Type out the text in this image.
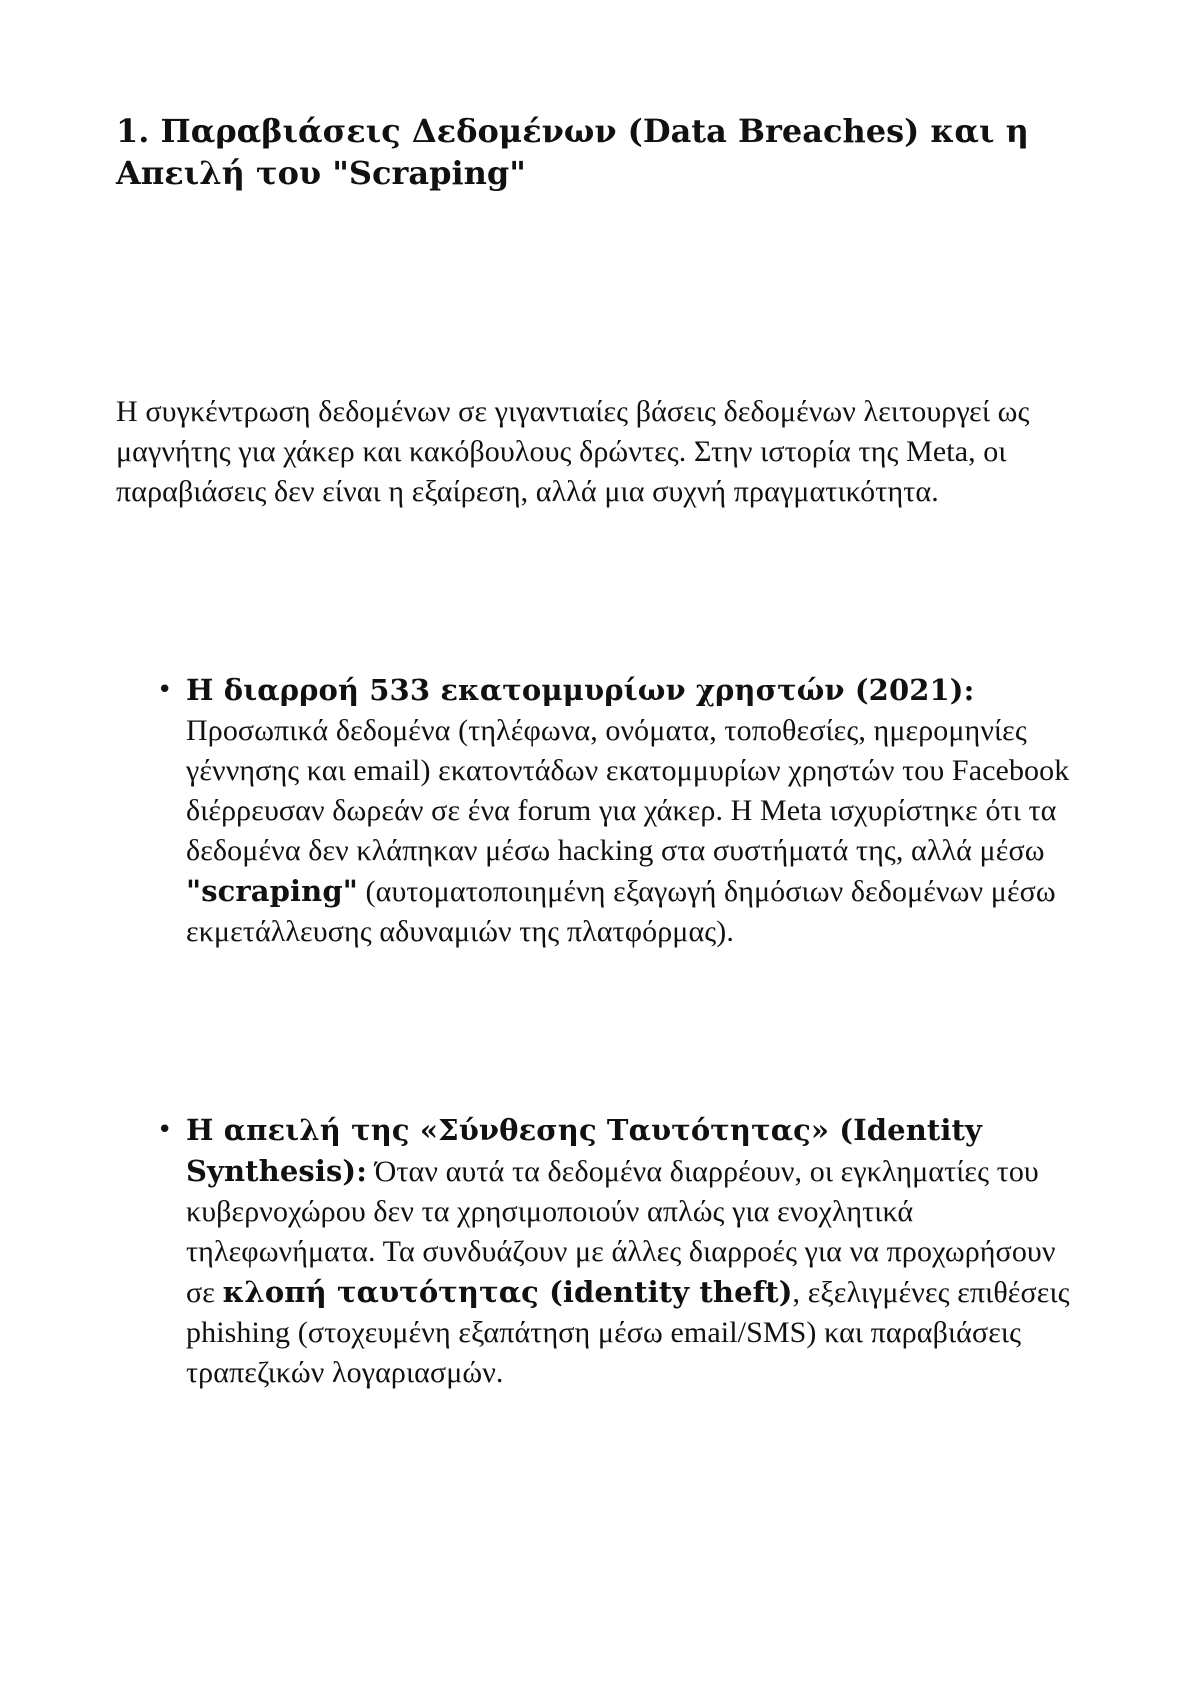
1. Παραβιάσεις Δεδομένων (Data Breaches) και η Απειλή του "Scraping"

Η συγκέντρωση δεδομένων σε γιγαντιαίες βάσεις δεδομένων λειτουργεί ως μαγνήτης για χάκερ και κακόβουλους δρώντες. Στην ιστορία της Meta, οι παραβιάσεις δεν είναι η εξαίρεση, αλλά μια συχνή πραγματικότητα.

• Η διαρροή 533 εκατομμυρίων χρηστών (2021): Προσωπικά δεδομένα (τηλέφωνα, ονόματα, τοποθεσίες, ημερομηνίες γέννησης και email) εκατοντάδων εκατομμυρίων χρηστών του Facebook διέρρευσαν δωρεάν σε ένα forum για χάκερ. Η Meta ισχυρίστηκε ότι τα δεδομένα δεν κλάπηκαν μέσω hacking στα συστήματά της, αλλά μέσω "scraping" (αυτοματοποιημένη εξαγωγή δημόσιων δεδομένων μέσω εκμετάλλευσης αδυναμιών της πλατφόρμας).
• Η απειλή της «Σύνθεσης Ταυτότητας» (Identity Synthesis): Όταν αυτά τα δεδομένα διαρρέουν, οι εγκληματίες του κυβερνοχώρου δεν τα χρησιμοποιούν απλώς για ενοχλητικά τηλεφωνήματα. Τα συνδυάζουν με άλλες διαρροές για να προχωρήσουν σε κλοπή ταυτότητας (identity theft), εξελιγμένες επιθέσεις phishing (στοχευμένη εξαπάτηση μέσω email/SMS) και παραβιάσεις τραπεζικών λογαριασμών.
